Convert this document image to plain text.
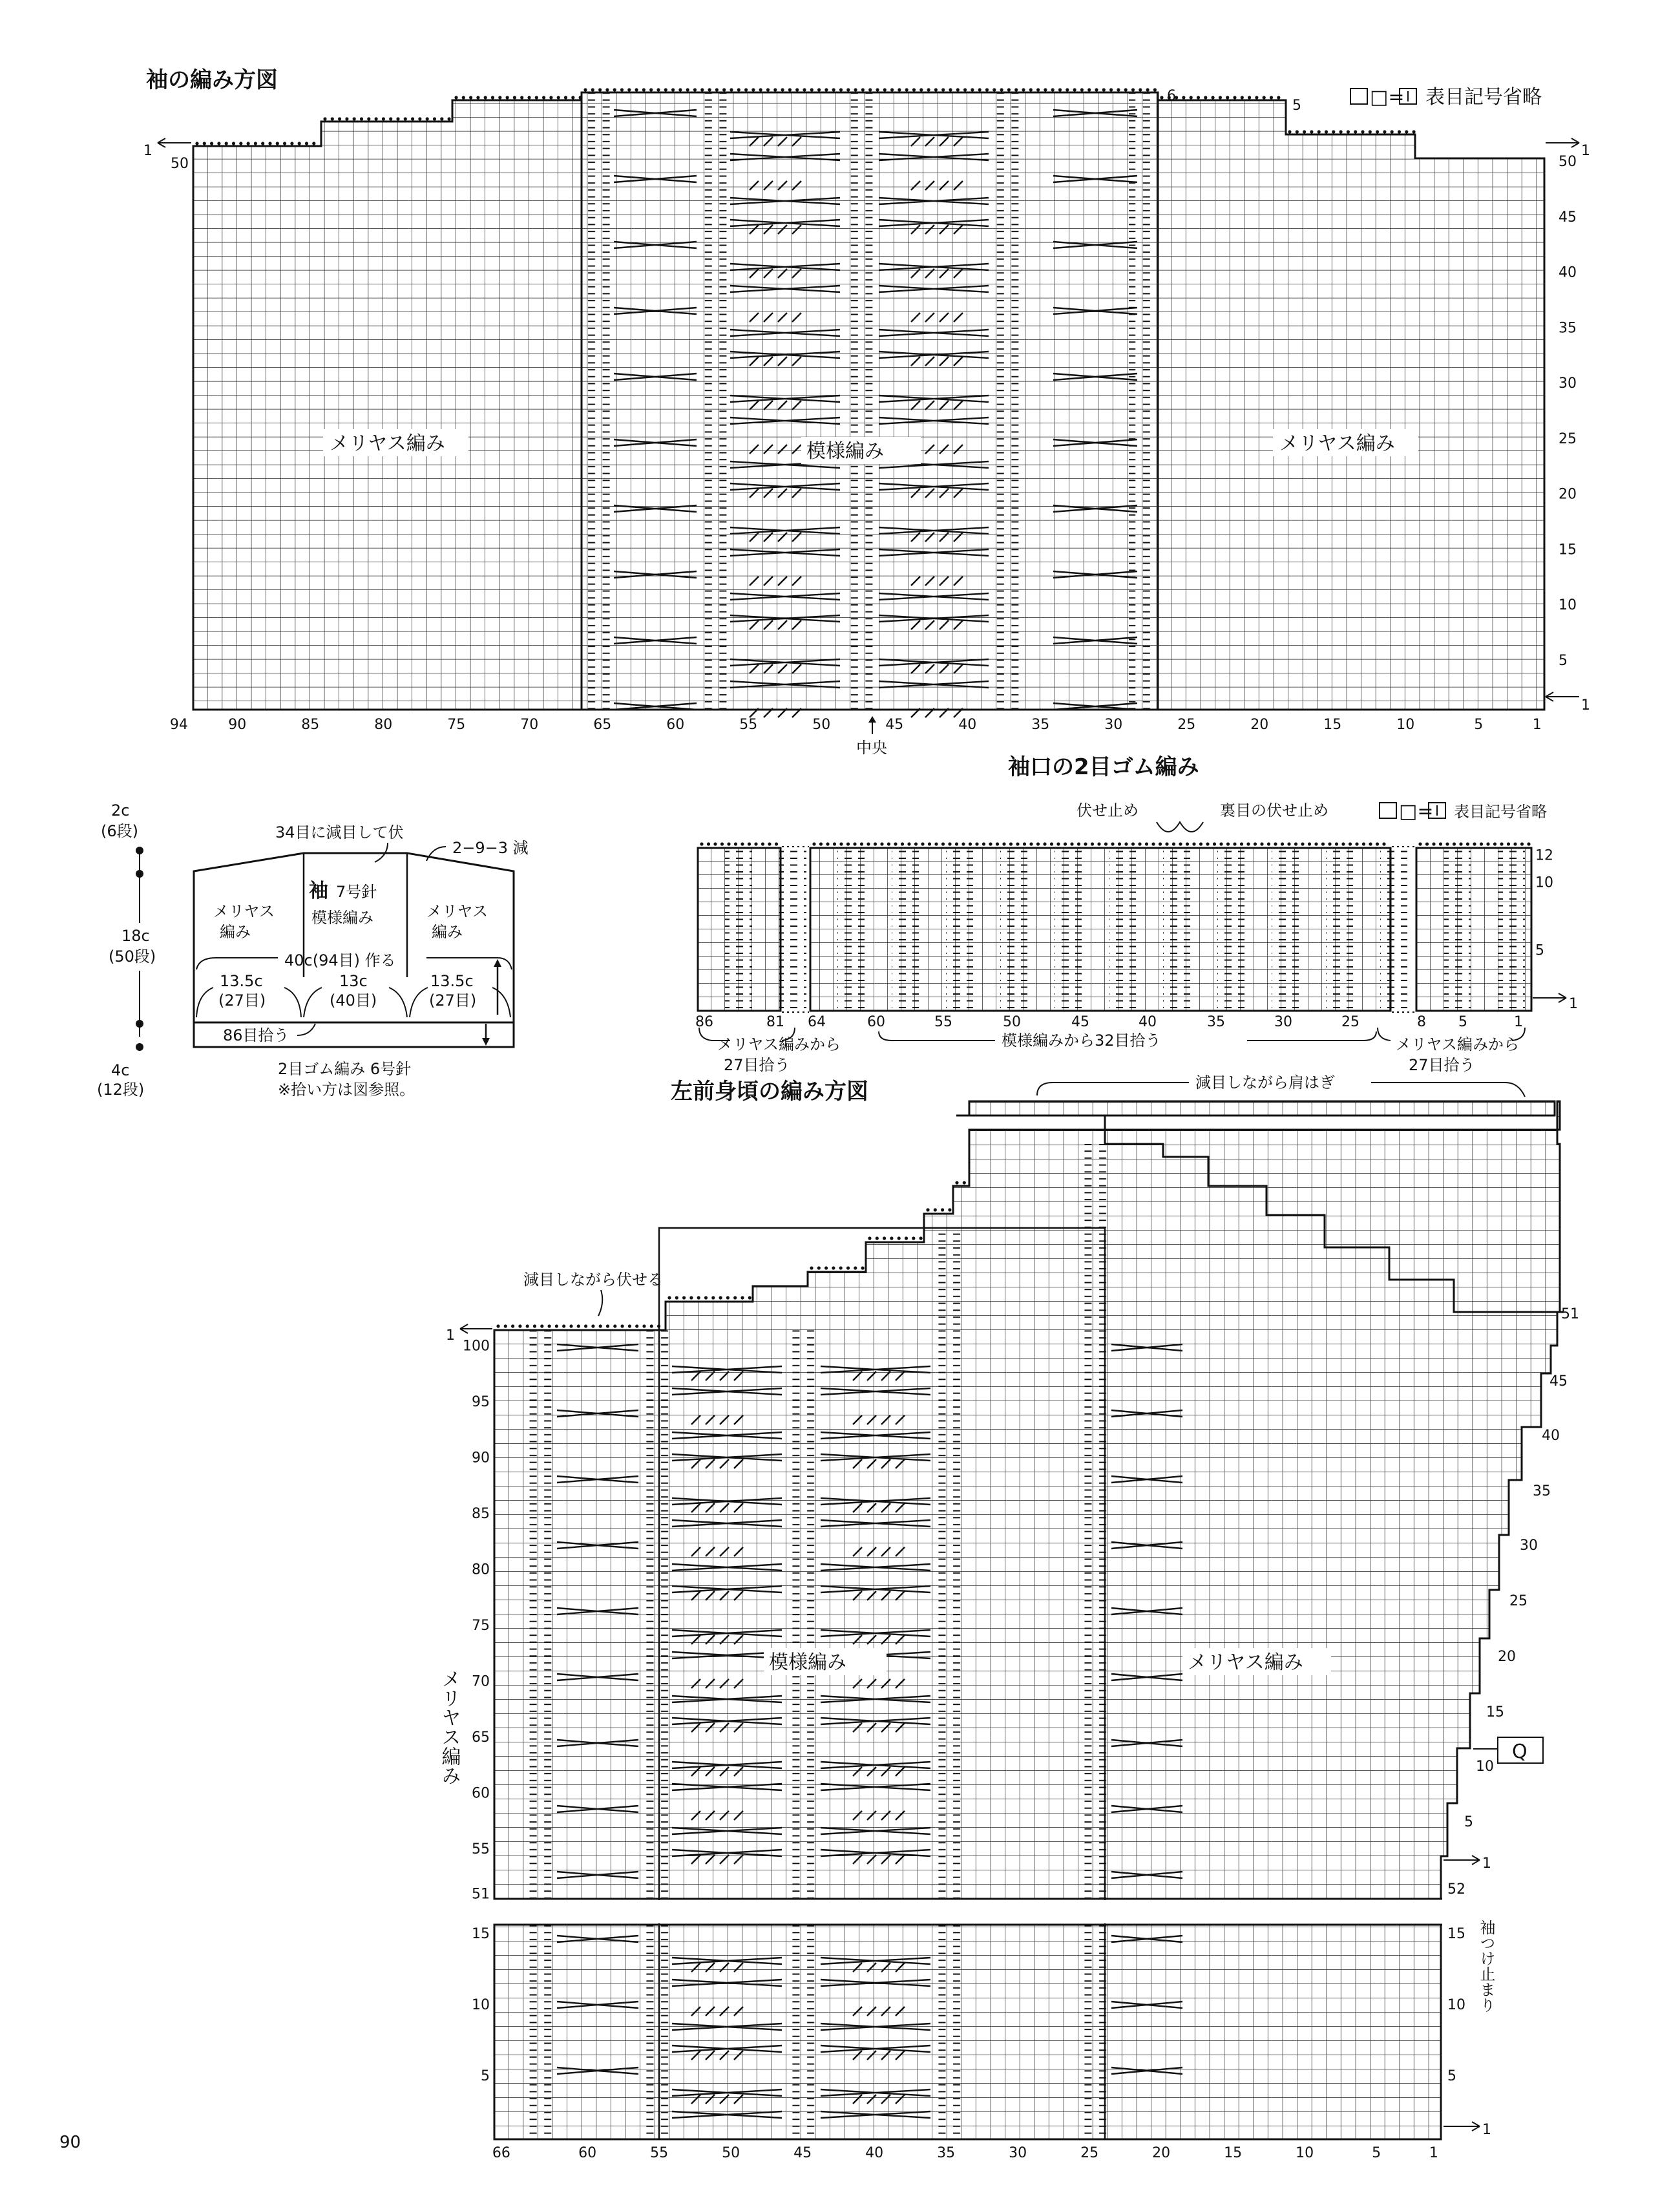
袖の編み方図
□= 表目記号省略
メリヤス編み	模様編み	メリヤス編み
1	1
50
1
6
5
50
45
40
35
30
25
20
15
10
5
94	90	85	80	75	70	65	60	55	50	45	40	35	30	25	20	15	10	5	1
中央
袖口の2目ゴム編み
伏せ止め	裏目の伏せ止め	□= 表目記号省略
12
10
5
1
86	81 64	60	55	50	45	40	35	30	25	8 5	1
メリヤス編みから
27目拾う
模様編みから32目拾う	メリヤス編みから
27目拾う
34目に減目して伏
2−9−3 減
袖 7号針
メリヤス
編み
模様編み	メリヤス
編み
40c(94目) 作る
13.5c
(27目)
13c
(40目)
13.5c
(27目)
86目拾う
2目ゴム編み 6号針
※拾い方は図参照。
2c
(6段)
18c
(50段)
4c
(12段)	左前身頃の編み方図	減目しながら肩はぎ
減目しながら伏せる
模様編み	メリヤス編み
メリヤス編み
袖つけ止まり
Q
1
1
1
100
95
90
85
80
75
70
65
60
55
51
15
10
5
52
51
45
40
35
30
25
20
15
10
5
15
10
5
66	60	55	50	45	40	35	30	25	20	15	10	5	1
90
